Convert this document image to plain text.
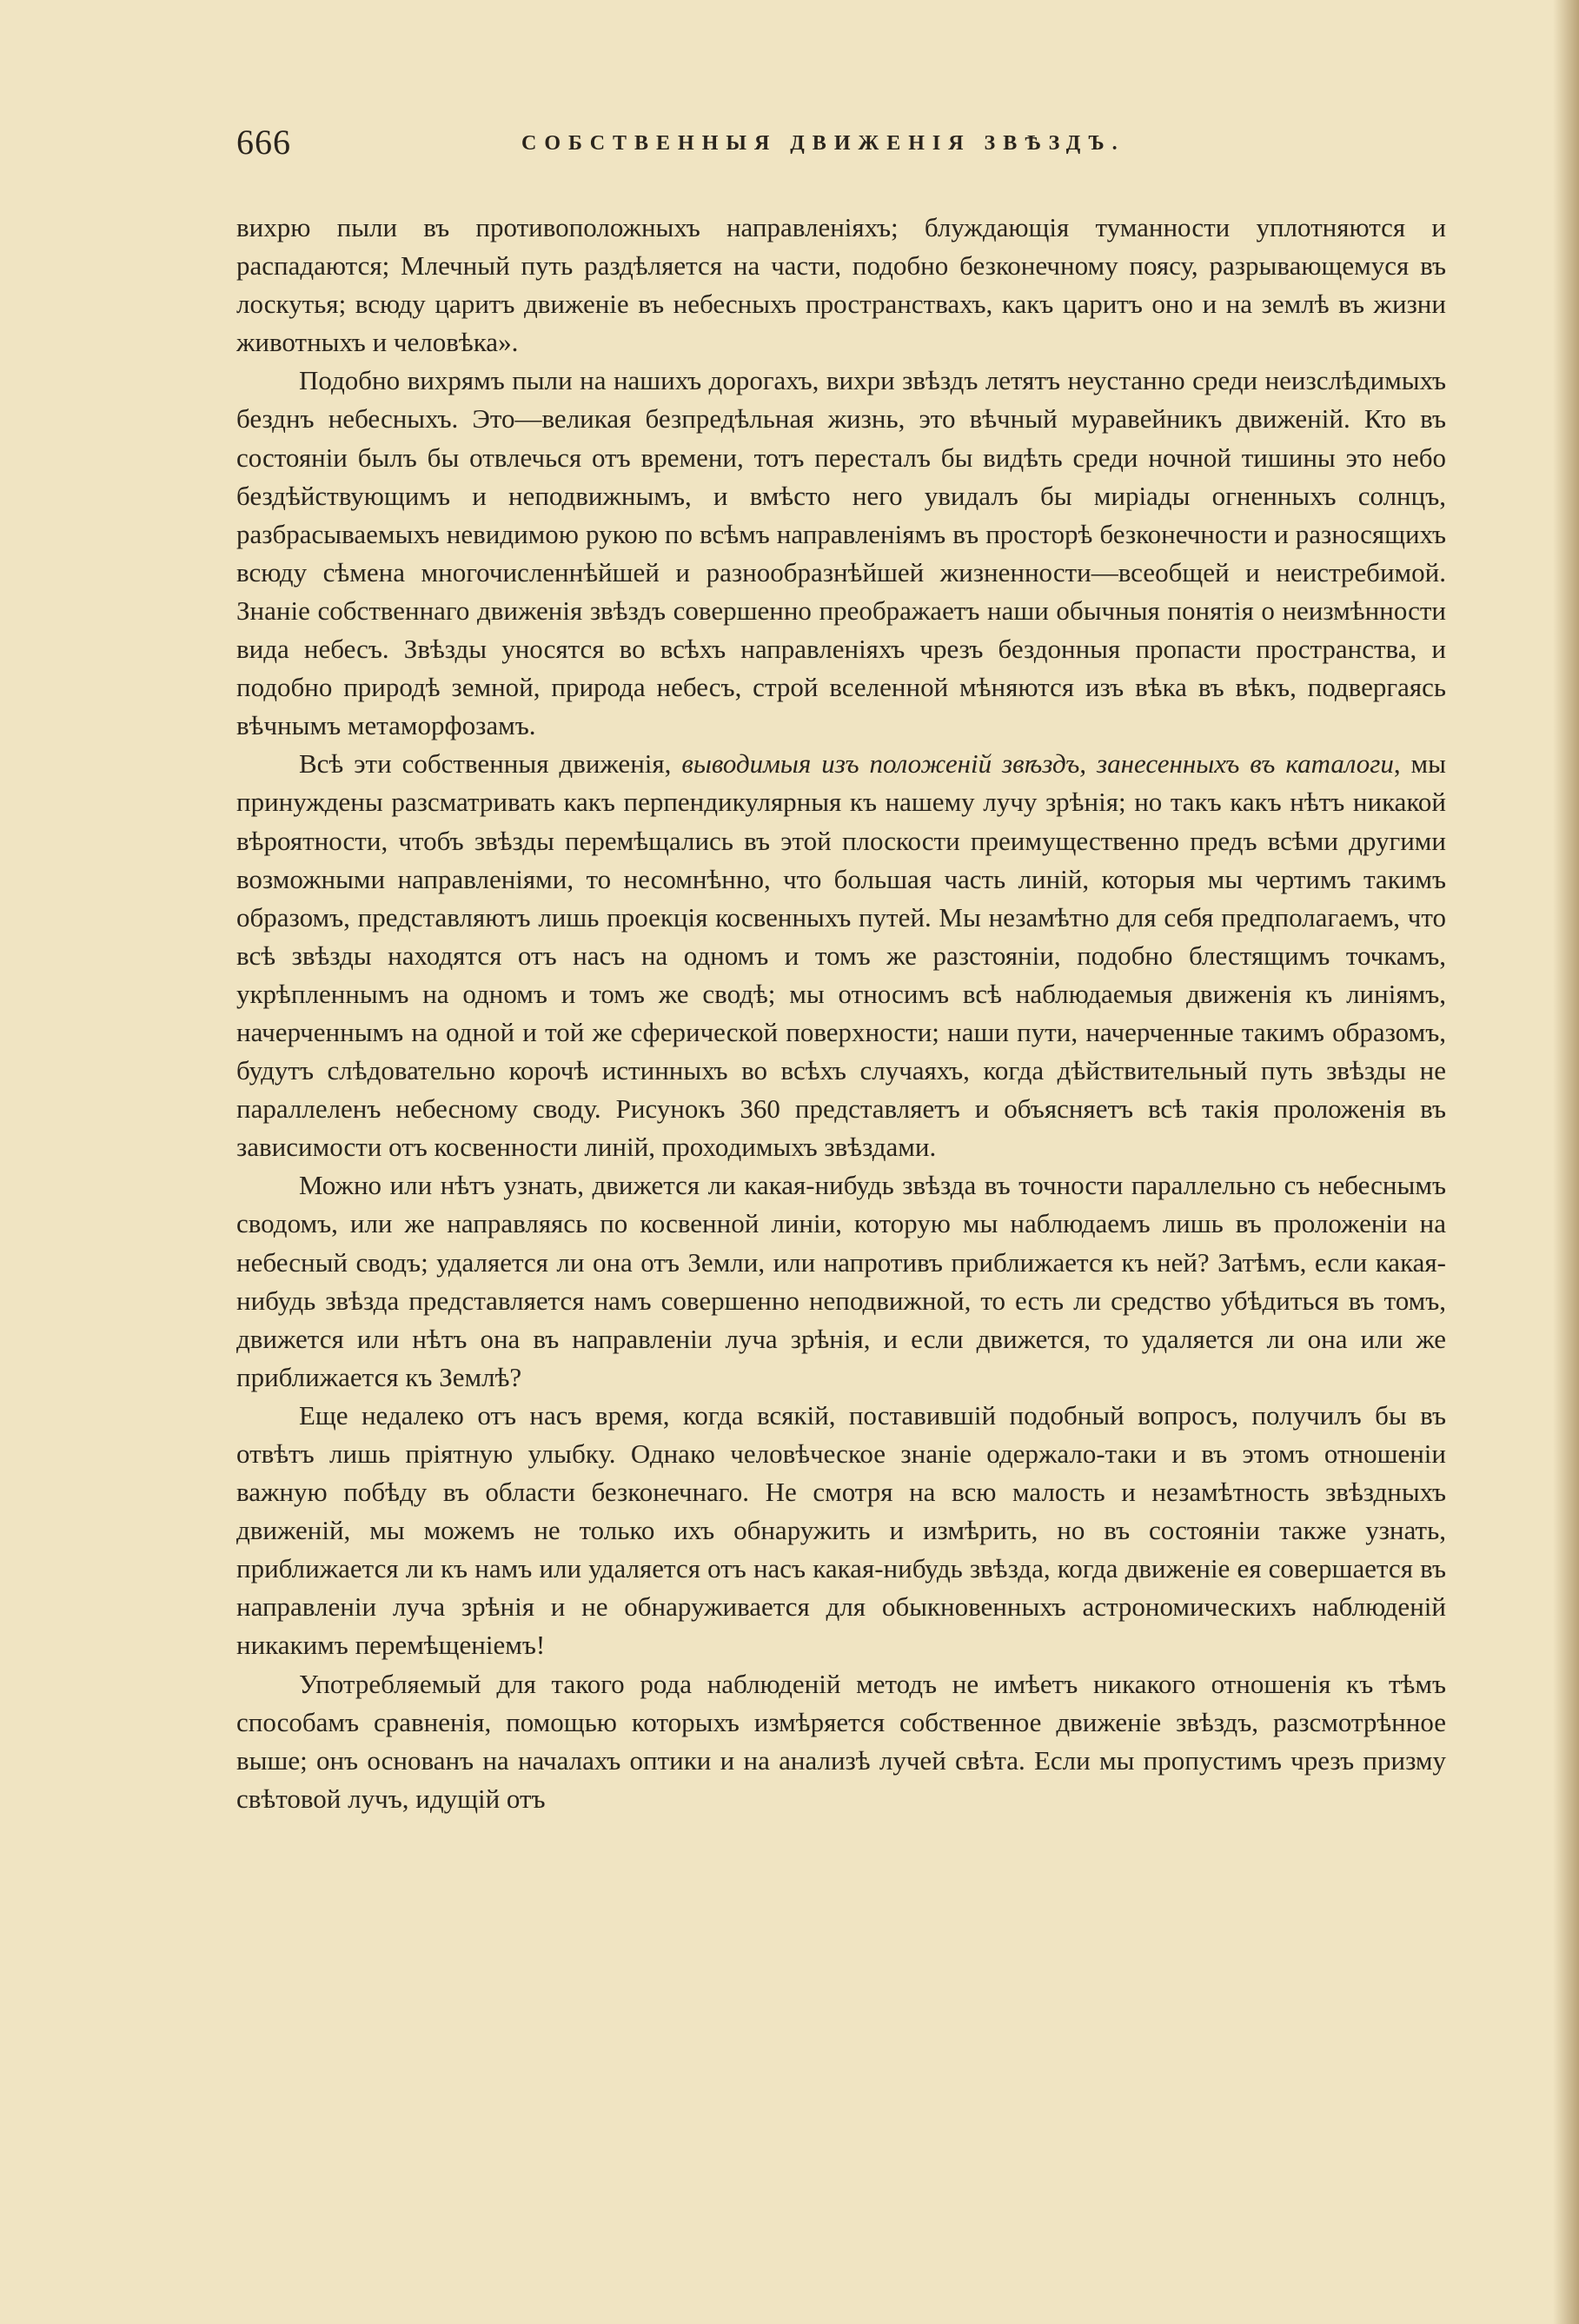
666	СОБСТВЕННЫЯ ДВИЖЕНІЯ ЗВѢЗДЪ.

вихрю пыли въ противоположныхъ направленіяхъ; блуждающія туманности уплотняются и распадаются; Млечный путь раздѣляется на части, подобно безконечному поясу, разрывающемуся въ лоскутья; всюду царитъ движеніе въ небесныхъ пространствахъ, какъ царитъ оно и на землѣ въ жизни животныхъ и человѣка».

Подобно вихрямъ пыли на нашихъ дорогахъ, вихри звѣздъ летятъ неустанно среди неизслѣдимыхъ безднъ небесныхъ. Это—великая безпредѣльная жизнь, это вѣчный муравейникъ движеній. Кто въ состояніи былъ бы отвлечься отъ времени, тотъ пересталъ бы видѣть среди ночной тишины это небо бездѣйствующимъ и неподвижнымъ, и вмѣсто него увидалъ бы миріады огненныхъ солнцъ, разбрасываемыхъ невидимою рукою по всѣмъ направленіямъ въ просторѣ безконечности и разносящихъ всюду сѣмена многочисленнѣйшей и разнообразнѣйшей жизненности—всеобщей и неистребимой. Знаніе собственнаго движенія звѣздъ совершенно преображаетъ наши обычныя понятія о неизмѣнности вида небесъ. Звѣзды уносятся во всѣхъ направленіяхъ чрезъ бездонныя пропасти пространства, и подобно природѣ земной, природа небесъ, строй вселенной мѣняются изъ вѣка въ вѣкъ, подвергаясь вѣчнымъ метаморфозамъ.

Всѣ эти собственныя движенія, выводимыя изъ положеній звѣздъ, занесенныхъ въ каталоги, мы принуждены разсматривать какъ перпендикулярныя къ нашему лучу зрѣнія; но такъ какъ нѣтъ никакой вѣроятности, чтобъ звѣзды перемѣщались въ этой плоскости преимущественно предъ всѣми другими возможными направленіями, то несомнѣнно, что большая часть линій, которыя мы чертимъ такимъ образомъ, представляютъ лишь проекція косвенныхъ путей. Мы незамѣтно для себя предполагаемъ, что всѣ звѣзды находятся отъ насъ на одномъ и томъ же разстояніи, подобно блестящимъ точкамъ, укрѣпленнымъ на одномъ и томъ же сводѣ; мы относимъ всѣ наблюдаемыя движенія къ линіямъ, начерченнымъ на одной и той же сферической поверхности; наши пути, начерченные такимъ образомъ, будутъ слѣдовательно корочѣ истинныхъ во всѣхъ случаяхъ, когда дѣйствительный путь звѣзды не параллеленъ небесному своду. Рисунокъ 360 представляетъ и объясняетъ всѣ такія проложенія въ зависимости отъ косвенности линій, проходимыхъ звѣздами.

Можно или нѣтъ узнать, движется ли какая-нибудь звѣзда въ точности параллельно съ небеснымъ сводомъ, или же направляясь по косвенной линіи, которую мы наблюдаемъ лишь въ проложеніи на небесный сводъ; удаляется ли она отъ Земли, или напротивъ приближается къ ней? Затѣмъ, если какая-нибудь звѣзда представляется намъ совершенно неподвижной, то есть ли средство убѣдиться въ томъ, движется или нѣтъ она въ направленіи луча зрѣнія, и если движется, то удаляется ли она или же приближается къ Землѣ?

Еще недалеко отъ насъ время, когда всякій, поставившій подобный вопросъ, получилъ бы въ отвѣтъ лишь пріятную улыбку. Однако человѣческое знаніе одержало-таки и въ этомъ отношеніи важную побѣду въ области безконечнаго. Не смотря на всю малость и незамѣтность звѣздныхъ движеній, мы можемъ не только ихъ обнаружить и измѣрить, но въ состояніи также узнать, приближается ли къ намъ или удаляется отъ насъ какая-нибудь звѣзда, когда движеніе ея совершается въ направленіи луча зрѣнія и не обнаруживается для обыкновенныхъ астрономическихъ наблюденій никакимъ перемѣщеніемъ!

Употребляемый для такого рода наблюденій методъ не имѣетъ никакого отношенія къ тѣмъ способамъ сравненія, помощью которыхъ измѣряется собственное движеніе звѣздъ, разсмотрѣнное выше; онъ основанъ на началахъ оптики и на анализѣ лучей свѣта. Если мы пропустимъ чрезъ призму свѣтовой лучъ, идущій отъ
